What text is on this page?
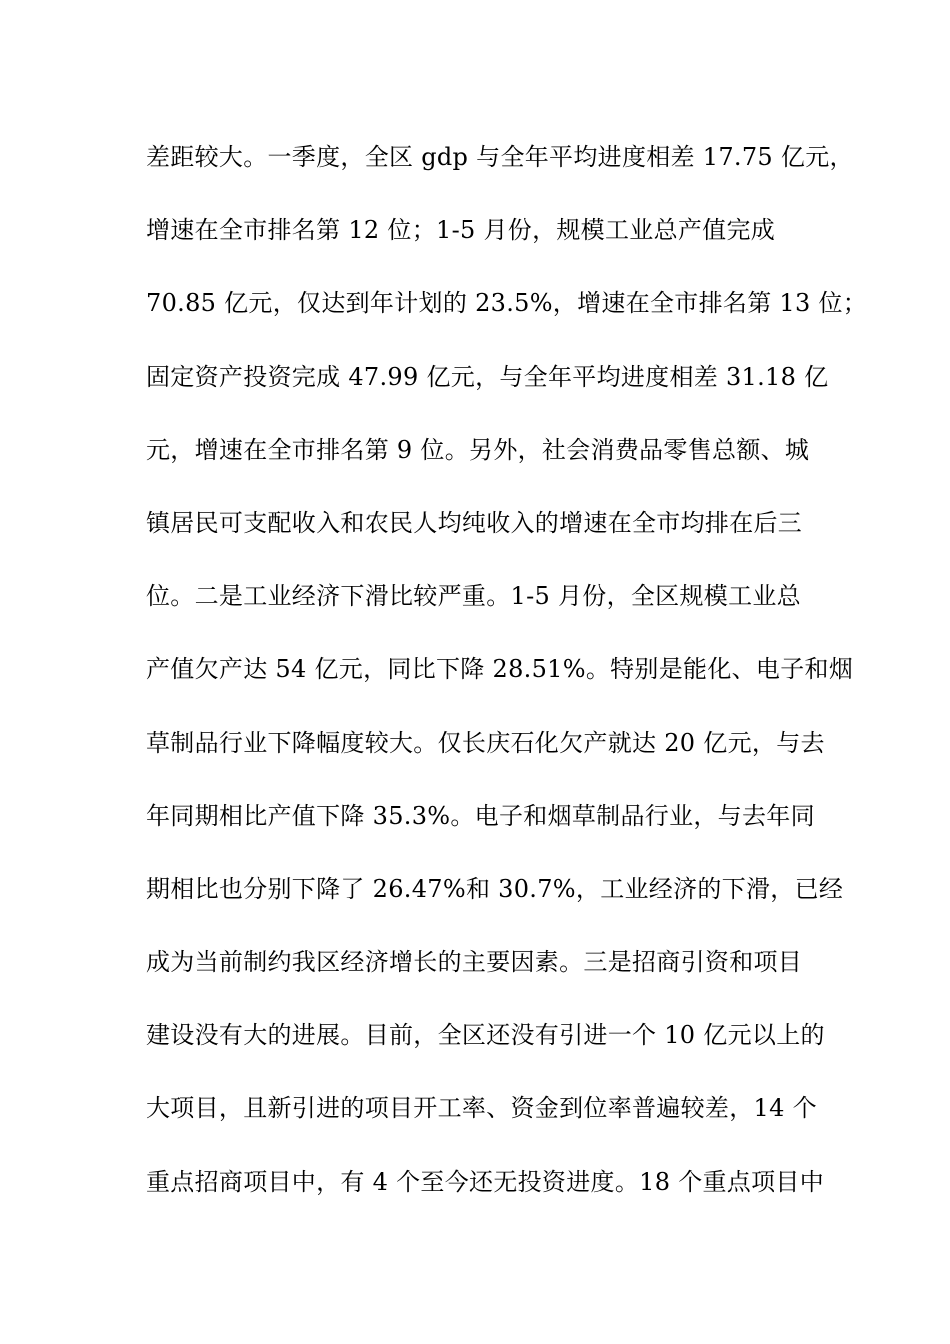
差距较大。一季度，全区 gdp 与全年平均进度相差 17.75 亿元，
增速在全市排名第 12 位；1-5 月份，规模工业总产值完成
70.85 亿元，仅达到年计划的 23.5%，增速在全市排名第 13 位；
固定资产投资完成 47.99 亿元，与全年平均进度相差 31.18 亿
元，增速在全市排名第 9 位。另外，社会消费品零售总额、城
镇居民可支配收入和农民人均纯收入的增速在全市均排在后三
位。二是工业经济下滑比较严重。1-5 月份，全区规模工业总
产值欠产达 54 亿元，同比下降 28.51%。特别是能化、电子和烟
草制品行业下降幅度较大。仅长庆石化欠产就达 20 亿元，与去
年同期相比产值下降 35.3%。电子和烟草制品行业，与去年同
期相比也分别下降了 26.47%和 30.7%，工业经济的下滑，已经
成为当前制约我区经济增长的主要因素。三是招商引资和项目
建设没有大的进展。目前，全区还没有引进一个 10 亿元以上的
大项目，且新引进的项目开工率、资金到位率普遍较差，14 个
重点招商项目中，有 4 个至今还无投资进度。18 个重点项目中
